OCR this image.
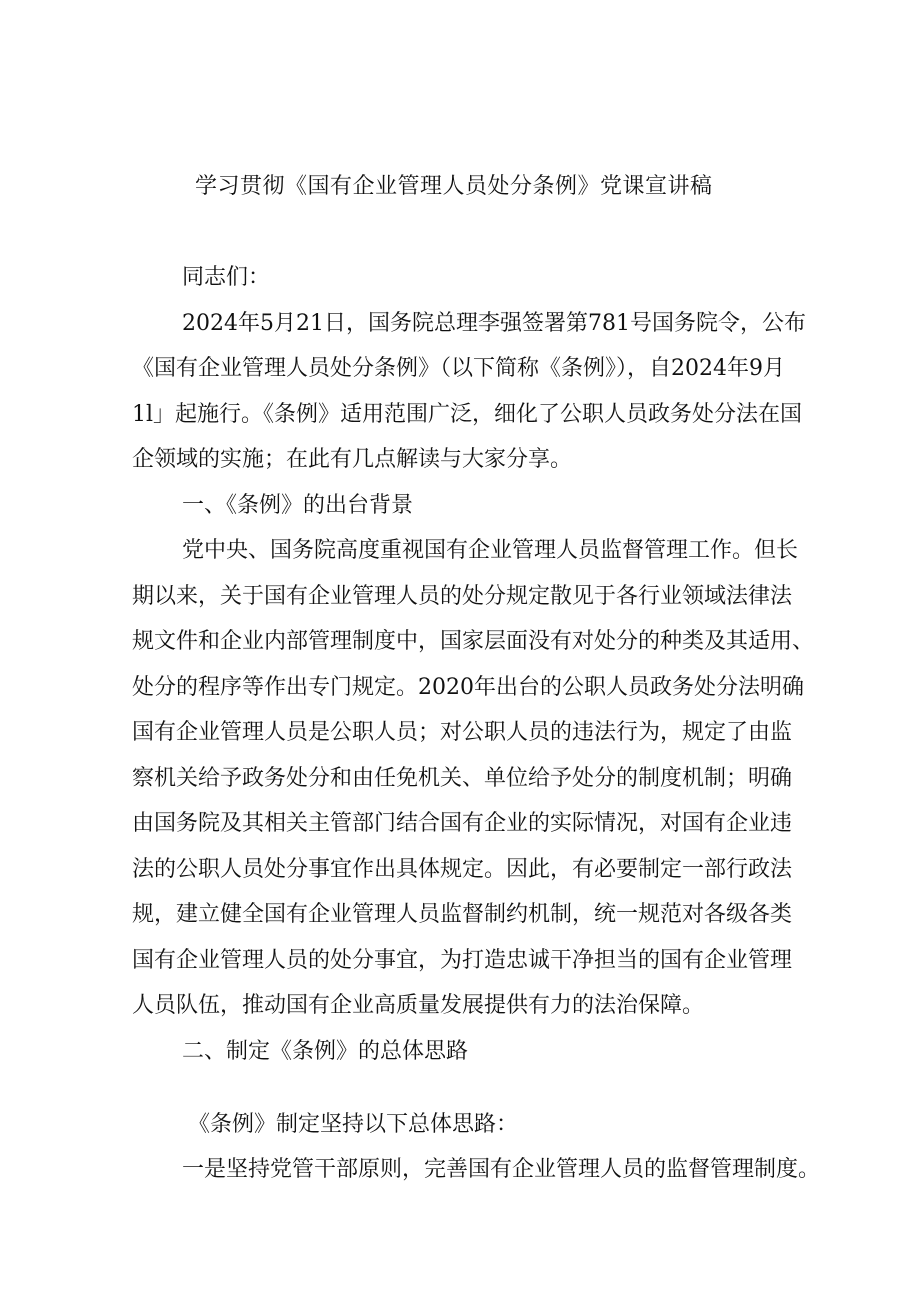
学习贯彻《国有企业管理人员处分条例》党课宣讲稿
同志们：
2024年5月21日，国务院总理李强签署第781号国务院令，公布
《国有企业管理人员处分条例》（以下简称《条例》），自2024年9月
1l」起施行。《条例》适用范围广泛，细化了公职人员政务处分法在国
企领域的实施；在此有几点解读与大家分享。
一、《条例》的出台背景
党中央、国务院高度重视国有企业管理人员监督管理工作。但长
期以来，关于国有企业管理人员的处分规定散见于各行业领域法律法
规文件和企业内部管理制度中，国家层面没有对处分的种类及其适用、
处分的程序等作出专门规定。2020年出台的公职人员政务处分法明确
国有企业管理人员是公职人员；对公职人员的违法行为，规定了由监
察机关给予政务处分和由任免机关、单位给予处分的制度机制；明确
由国务院及其相关主管部门结合国有企业的实际情况，对国有企业违
法的公职人员处分事宜作出具体规定。因此，有必要制定一部行政法
规，建立健全国有企业管理人员监督制约机制，统一规范对各级各类
国有企业管理人员的处分事宜，为打造忠诚干净担当的国有企业管理
人员队伍，推动国有企业高质量发展提供有力的法治保障。
二、制定《条例》的总体思路
《条例》制定坚持以下总体思路：
一是坚持党管干部原则，完善国有企业管理人员的监督管理制度。
